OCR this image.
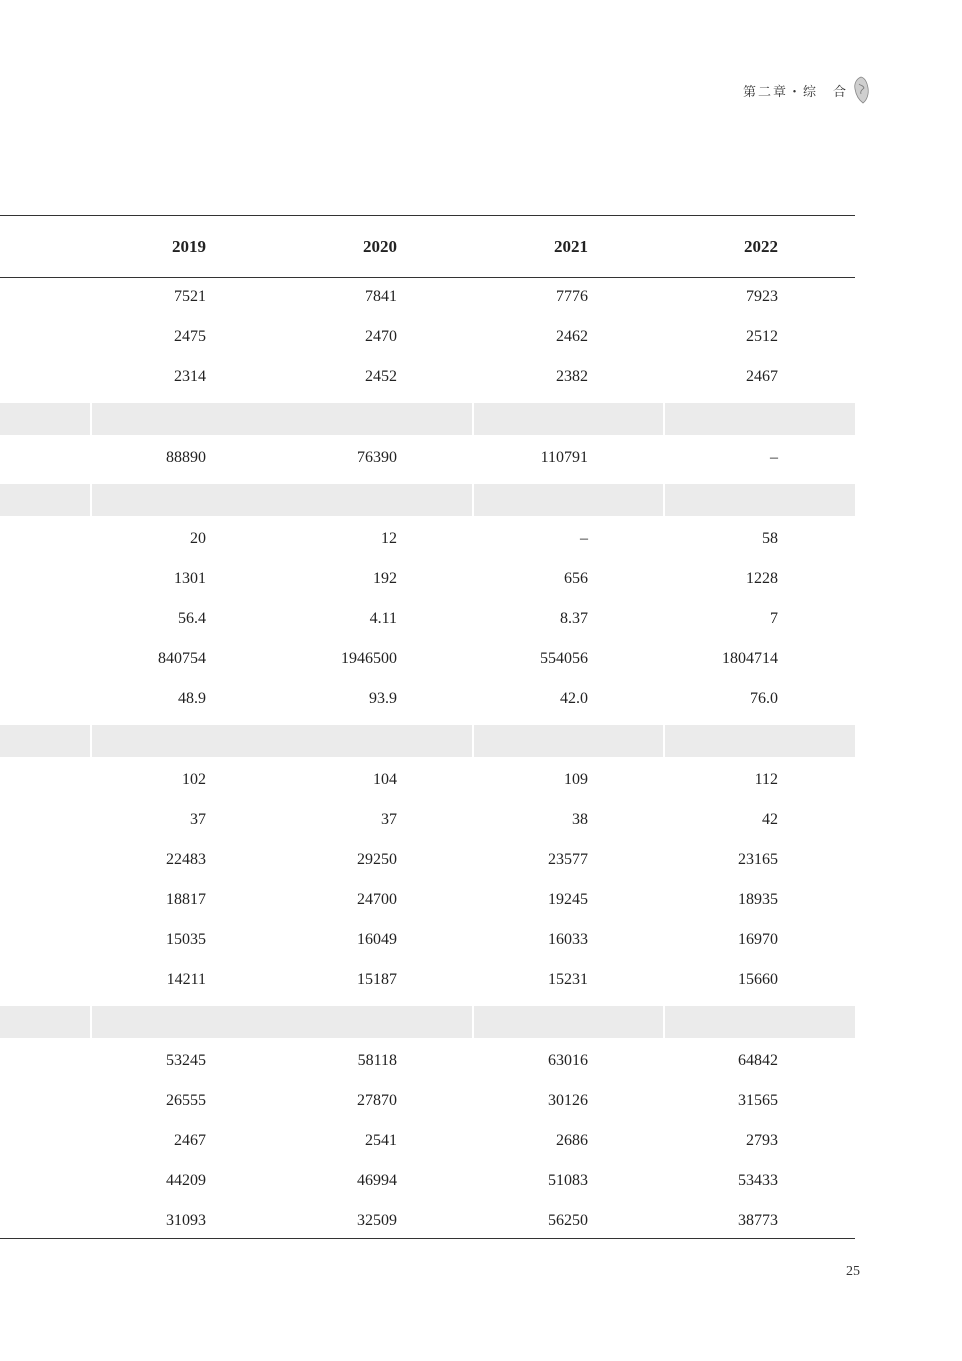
第二章・综　合
2019	2020	2021	2022
7521	7841	7776	7923
2475	2470	2462	2512
2314	2452	2382	2467
88890	76390	110791	–
20	12	–	58
1301	192	656	1228
56.4	4.11	8.37	7
840754	1946500	554056	1804714
48.9	93.9	42.0	76.0
102	104	109	112
37	37	38	42
22483	29250	23577	23165
18817	24700	19245	18935
15035	16049	16033	16970
14211	15187	15231	15660
53245	58118	63016	64842
26555	27870	30126	31565
2467	2541	2686	2793
44209	46994	51083	53433
31093	32509	56250	38773
25
